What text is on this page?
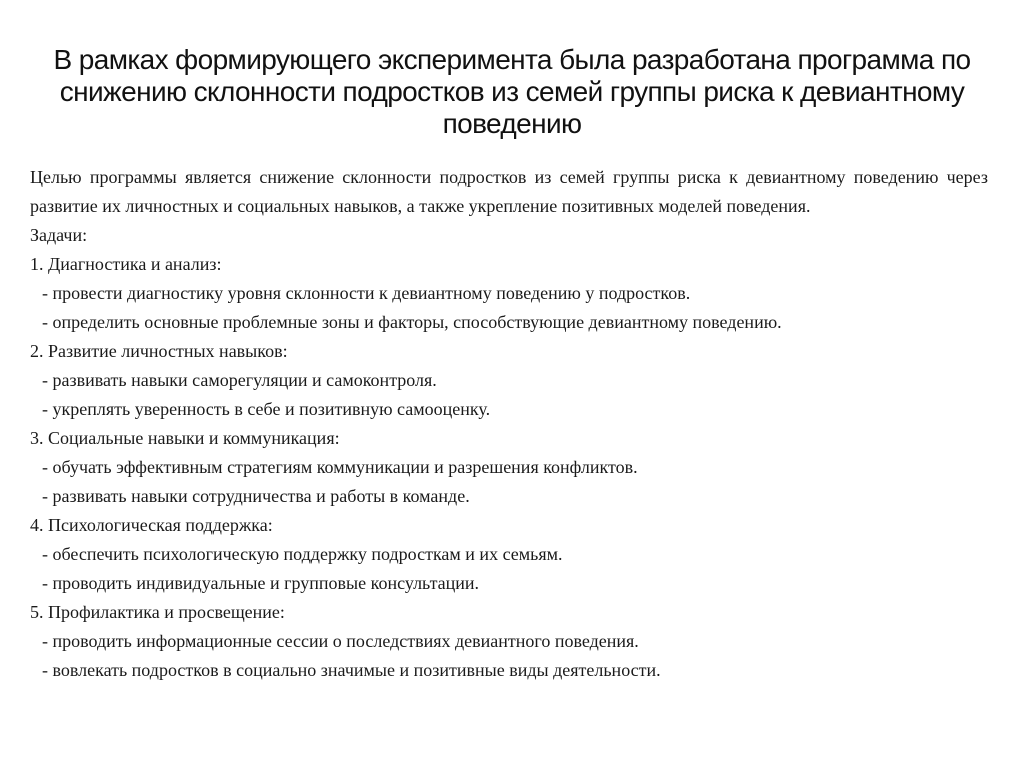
В рамках формирующего эксперимента была разработана программа по снижению склонности подростков из семей группы риска к девиантному поведению

Целью программы является снижение склонности подростков из семей группы риска к девиантному поведению через развитие их личностных и социальных навыков, а также укрепление позитивных моделей поведения.

Задачи:

1. Диагностика и анализ:

- провести диагностику уровня склонности к девиантному поведению у подростков.

- определить основные проблемные зоны и факторы, способствующие девиантному поведению.

2. Развитие личностных навыков:

- развивать навыки саморегуляции и самоконтроля.

- укреплять уверенность в себе и позитивную самооценку.

3. Социальные навыки и коммуникация:

- обучать эффективным стратегиям коммуникации и разрешения конфликтов.

- развивать навыки сотрудничества и работы в команде.

4. Психологическая поддержка:

- обеспечить психологическую поддержку подросткам и их семьям.

- проводить индивидуальные и групповые консультации.

5. Профилактика и просвещение:

- проводить информационные сессии о последствиях девиантного поведения.

- вовлекать подростков в социально значимые и позитивные виды деятельности.
